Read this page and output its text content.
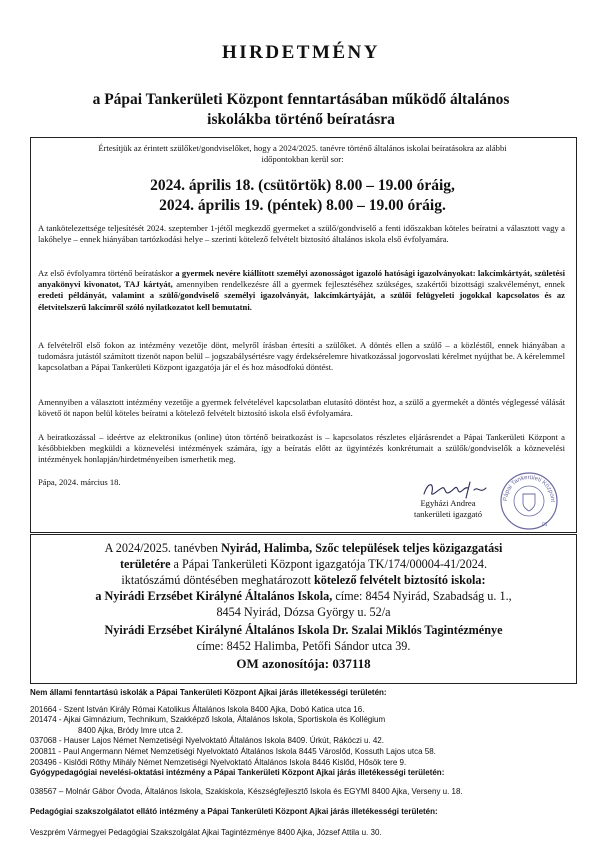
HIRDETMÉNY
a Pápai Tankerületi Központ fenntartásában működő általános
iskolákba történő beíratásra
Értesítjük az érintett szülőket/gondviselőket, hogy a 2024/2025. tanévre történő általános iskolai beíratásokra az alábbi
időpontokban kerül sor:
2024. április 18. (csütörtök) 8.00 – 19.00 óráig,
2024. április 19. (péntek) 8.00 – 19.00 óráig.
A tankötelezettsége teljesítését 2024. szeptember 1-jétől megkezdő gyermeket a szülő/gondviselő a fenti időszakban köteles beíratni a választott vagy a lakóhelye – ennek hiányában tartózkodási helye – szerinti kötelező felvételt biztosító általános iskola első évfolyamára.
Az első évfolyamra történő beíratáskor a gyermek nevére kiállított személyi azonosságot igazoló hatósági igazolványokat: lakcímkártyát, születési anyakönyvi kivonatot, TAJ kártyát, amennyiben rendelkezésre áll a gyermek fejlesztéséhez szükséges, szakértői bizottsági szakvéleményt, ennek eredeti példányát, valamint a szülő/gondviselő személyi igazolványát, lakcímkártyáját, a szülői felügyeleti jogokkal kapcsolatos és az életvitelszerű lakcímről szóló nyilatkozatot kell bemutatni.
A felvételről első fokon az intézmény vezetője dönt, melyről írásban értesíti a szülőket. A döntés ellen a szülő – a közléstől, ennek hiányában a tudomásra jutástól számított tizenöt napon belül – jogszabálysértésre vagy érdeksérelemre hivatkozással jogorvoslati kérelmet nyújthat be. A kérelemmel kapcsolatban a Pápai Tankerületi Központ igazgatója jár el és hoz másodfokú döntést.
Amennyiben a választott intézmény vezetője a gyermek felvételével kapcsolatban elutasító döntést hoz, a szülő a gyermekét a döntés véglegessé válását követő öt napon belül köteles beíratni a kötelező felvételt biztosító iskola első évfolyamára.
A beiratkozással – ideértve az elektronikus (online) úton történő beiratkozást is – kapcsolatos részletes eljárásrendet a Pápai Tankerületi Központ a későbbiekben megküldi a köznevelési intézmények számára, így a beíratás előtt az ügyintézés konkrétumait a szülők/gondviselők a köznevelési intézmények honlapján/hirdetményeiben ismerhetik meg.
Pápa, 2024. március 18.
Pápai Tankerületi Központ
01
Egyházi Andrea
tankerületi igazgató
A 2024/2025. tanévben Nyirád, Halimba, Szőc települések teljes közigazgatási
területére a Pápai Tankerületi Központ igazgatója TK/174/00004-41/2024.
iktatószámú döntésében meghatározott kötelező felvételt biztosító iskola:
a Nyirádi Erzsébet Királyné Általános Iskola, címe: 8454 Nyirád, Szabadság u. 1.,
8454 Nyirád, Dózsa György u. 52/a
Nyirádi Erzsébet Királyné Általános Iskola Dr. Szalai Miklós Tagintézménye
címe: 8452 Halimba, Petőfi Sándor utca 39.
OM azonosítója: 037118
Nem állami fenntartású iskolák a Pápai Tankerületi Központ Ajkai járás illetékességi területén:
201664 - Szent István Király Római Katolikus Általános Iskola 8400 Ajka, Dobó Katica utca 16.
201474 - Ajkai Gimnázium, Technikum, Szakképző Iskola, Általános Iskola, Sportiskola és Kollégium
8400 Ajka, Bródy Imre utca 2.
037068 - Hauser Lajos Német Nemzetiségi Nyelvoktató Általános Iskola 8409. Úrkút, Rákóczi u. 42.
200811 - Paul Angermann Német Nemzetiségi Nyelvoktató Általános Iskola 8445 Városlőd, Kossuth Lajos utca 58.
203496 - Kislődi Rőthy Mihály Német Nemzetiségi Nyelvoktató Általános Iskola 8446 Kislőd, Hősök tere 9.
Gyógypedagógiai nevelési-oktatási intézmény a Pápai Tankerületi Központ Ajkai járás illetékességi területén:
038567 – Molnár Gábor Óvoda, Általános Iskola, Szakiskola, Készségfejlesztő Iskola és EGYMI 8400 Ajka, Verseny u. 18.
Pedagógiai szakszolgálatot ellátó intézmény a Pápai Tankerületi Központ Ajkai járás illetékességi területén:
Veszprém Vármegyei Pedagógiai Szakszolgálat Ajkai Tagintézménye 8400 Ajka, József Attila u. 30.
